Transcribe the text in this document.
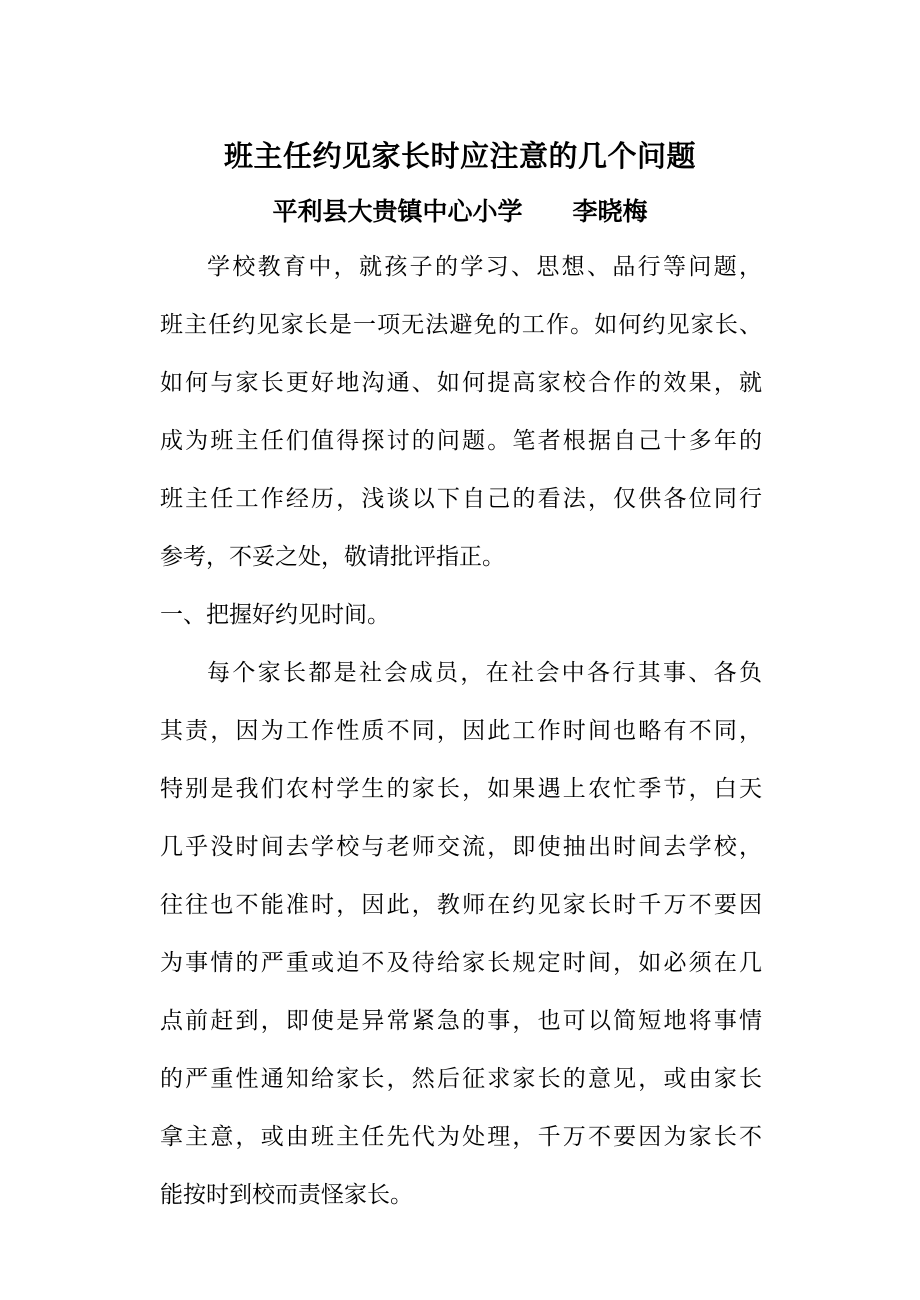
班主任约见家长时应注意的几个问题

平利县大贵镇中心小学 李晓梅

学校教育中，就孩子的学习、思想、品行等问题，
班主任约见家长是一项无法避免的工作。如何约见家长、
如何与家长更好地沟通、如何提高家校合作的效果，就
成为班主任们值得探讨的问题。笔者根据自己十多年的
班主任工作经历，浅谈以下自己的看法，仅供各位同行
参考，不妥之处，敬请批评指正。
一、把握好约见时间。
每个家长都是社会成员，在社会中各行其事、各负
其责，因为工作性质不同，因此工作时间也略有不同，
特别是我们农村学生的家长，如果遇上农忙季节，白天
几乎没时间去学校与老师交流，即使抽出时间去学校，
往往也不能准时，因此，教师在约见家长时千万不要因
为事情的严重或迫不及待给家长规定时间，如必须在几
点前赶到，即使是异常紧急的事，也可以简短地将事情
的严重性通知给家长，然后征求家长的意见，或由家长
拿主意，或由班主任先代为处理，千万不要因为家长不
能按时到校而责怪家长。
